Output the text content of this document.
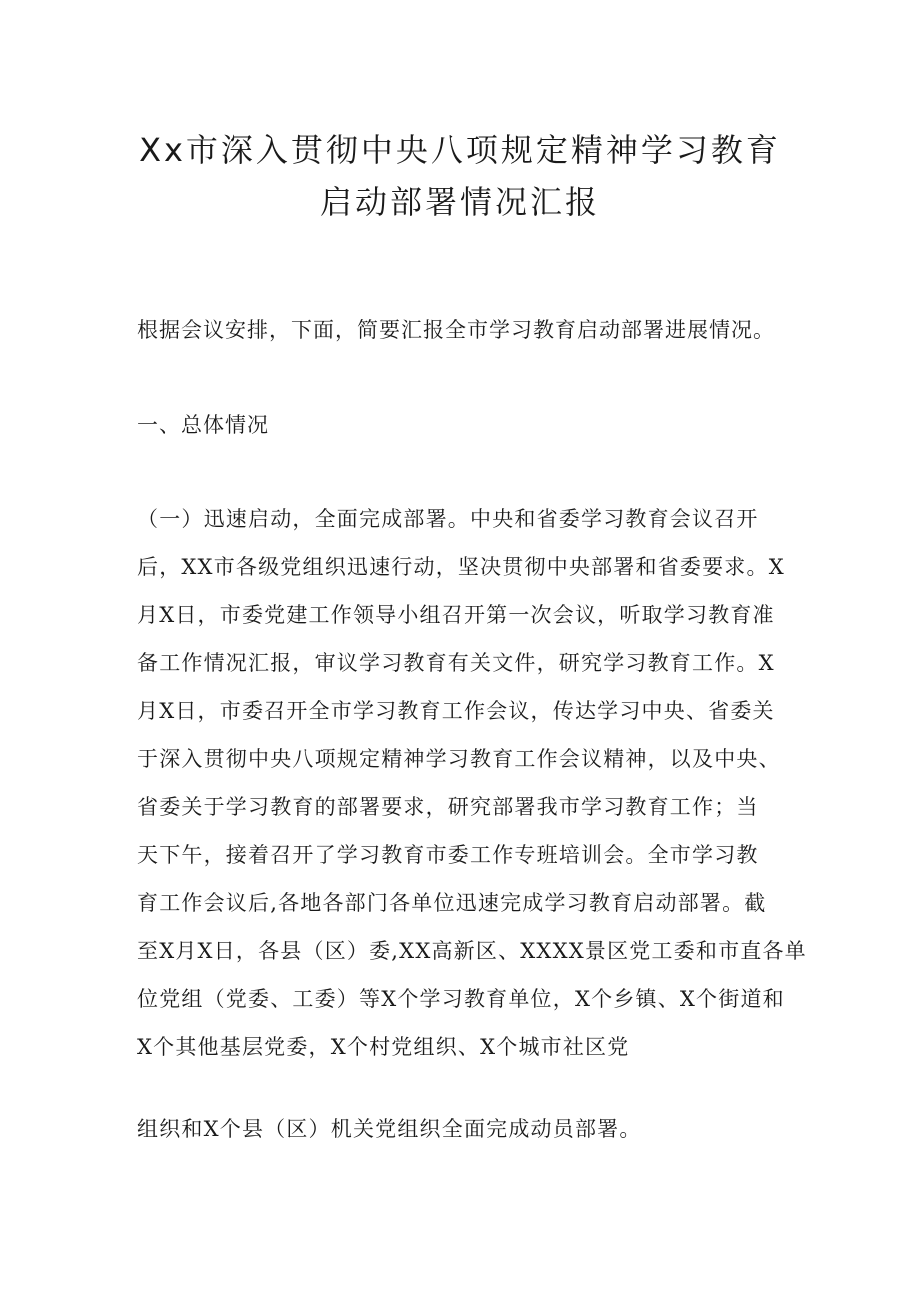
Xx市深入贯彻中央八项规定精神学习教育
启动部署情况汇报

根据会议安排，下面，简要汇报全市学习教育启动部署进展情况。

一、总体情况

（一）迅速启动，全面完成部署。中央和省委学习教育会议召开

后，XX市各级党组织迅速行动，坚决贯彻中央部署和省委要求。X

月X日，市委党建工作领导小组召开第一次会议，听取学习教育准

备工作情况汇报，审议学习教育有关文件，研究学习教育工作。X

月X日，市委召开全市学习教育工作会议，传达学习中央、省委关

于深入贯彻中央八项规定精神学习教育工作会议精神，以及中央、

省委关于学习教育的部署要求，研究部署我市学习教育工作；当

天下午，接着召开了学习教育市委工作专班培训会。全市学习教

育工作会议后,各地各部门各单位迅速完成学习教育启动部署。截

至X月X日，各县（区）委,XX高新区、XXXX景区党工委和市直各单

位党组（党委、工委）等X个学习教育单位，X个乡镇、X个街道和

X个其他基层党委，X个村党组织、X个城市社区党

组织和X个县（区）机关党组织全面完成动员部署。
